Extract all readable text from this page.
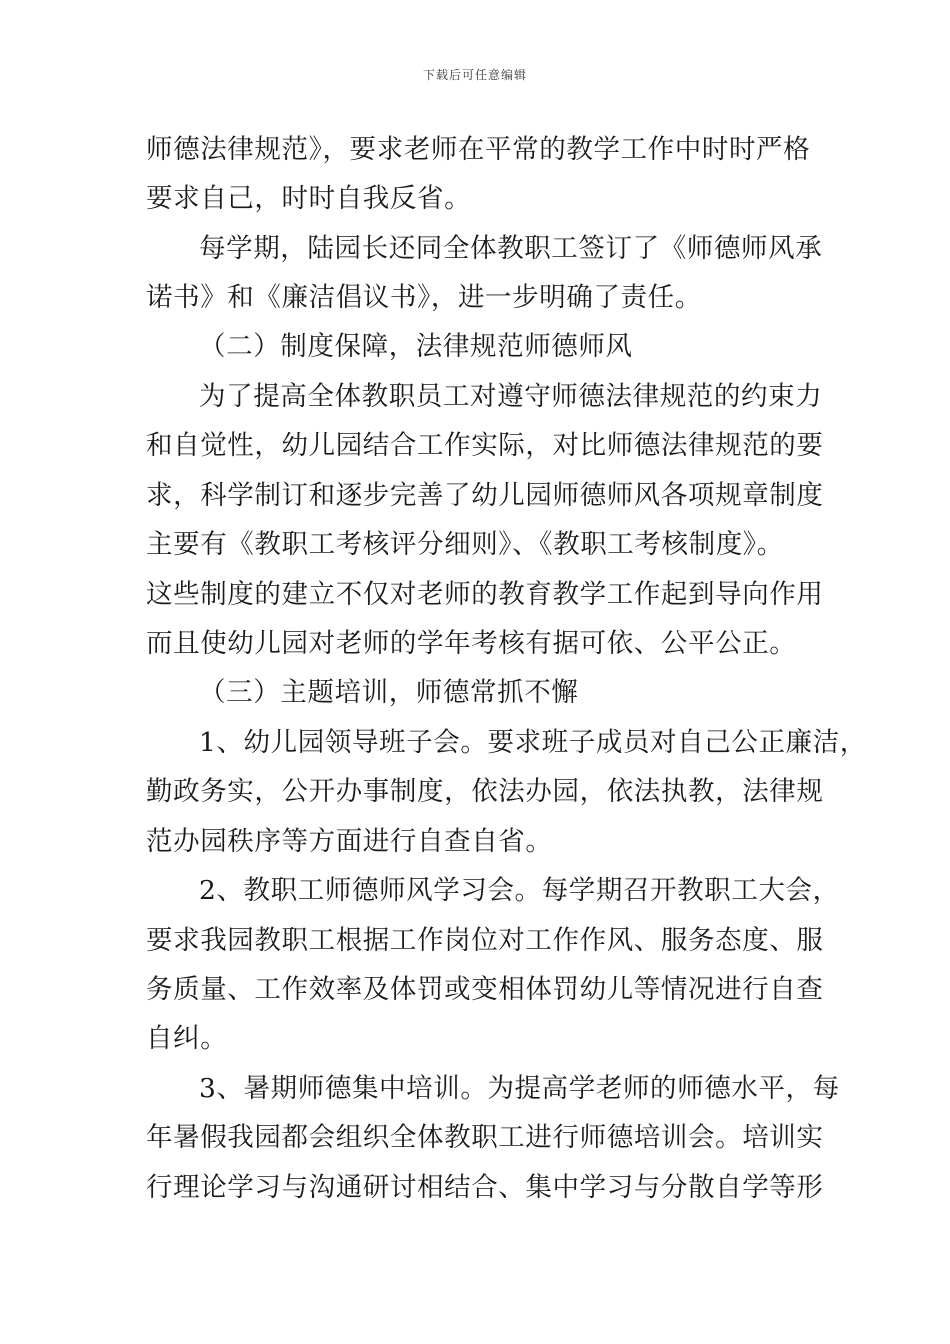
下载后可任意编辑
师德法律规范》，要求老师在平常的教学工作中时时严格
要求自己，时时自我反省。
每学期，陆园长还同全体教职工签订了《师德师风承
诺书》和《廉洁倡议书》，进一步明确了责任。
（二）制度保障，法律规范师德师风
为了提高全体教职员工对遵守师德法律规范的约束力
和自觉性，幼儿园结合工作实际，对比师德法律规范的要
求，科学制订和逐步完善了幼儿园师德师风各项规章制度
主要有《教职工考核评分细则》、《教职工考核制度》。
这些制度的建立不仅对老师的教育教学工作起到导向作用
而且使幼儿园对老师的学年考核有据可依、公平公正。
（三）主题培训，师德常抓不懈
1、幼儿园领导班子会。要求班子成员对自己公正廉洁，
勤政务实，公开办事制度，依法办园，依法执教，法律规
范办园秩序等方面进行自查自省。
2、教职工师德师风学习会。每学期召开教职工大会，
要求我园教职工根据工作岗位对工作作风、服务态度、服
务质量、工作效率及体罚或变相体罚幼儿等情况进行自查
自纠。
3、暑期师德集中培训。为提高学老师的师德水平，每
年暑假我园都会组织全体教职工进行师德培训会。培训实
行理论学习与沟通研讨相结合、集中学习与分散自学等形
